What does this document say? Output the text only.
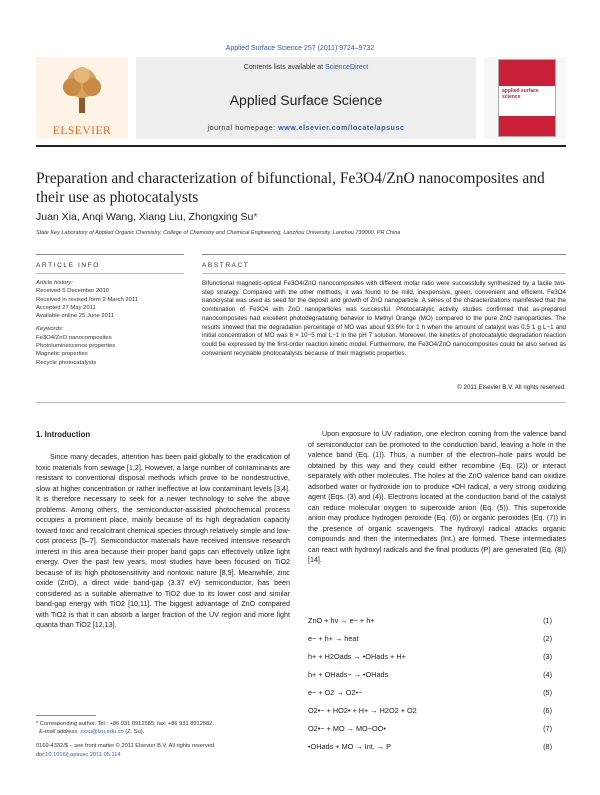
Applied Surface Science 257 (2011) 9724–9732
ELSEVIER
Contents lists available at ScienceDirect
Applied Surface Science
journal homepage: www.elsevier.com/locate/apsusc
applied surface science
Preparation and characterization of bifunctional, Fe3O4/ZnO nanocomposites and their use as photocatalysts
Juan Xia, Anqi Wang, Xiang Liu, Zhongxing Su*
State Key Laboratory of Applied Organic Chemistry, College of Chemistry and Chemical Engineering, Lanzhou University, Lanzhou 730000, PR China
ARTICLE INFO	ABSTRACT
Article history:
Received 5 December 2010
Received in revised form 2 March 2011
Accepted 27 May 2011
Available online 25 June 2011
Keywords:
Fe3O4/ZnO nanocomposites
Photoluminescence properties
Magnetic properties
Recycle photocatalysts
Bifunctional magnetic-optical Fe3O4/ZnO nanocomposites with different molar ratio were successfully synthesized by a facile two-step strategy. Compared with the other methods, it was found to be mild, inexpensive, green, convenient and efficient. Fe3O4 nanocrystal was used as seed for the deposit and growth of ZnO nanoparticle. A series of the characterizations manifested that the combination of Fe3O4 with ZnO nanoparticles was successful. Photocatalytic activity studies confirmed that as-prepared nanocomposites had excellent photodegradating behavior to Methyl Orange (MO) compared to the pure ZnO nanoparticles. The results showed that the degradation percentage of MO was about 93.6% for 1 h when the amount of catalyst was 0.5 1 g L−1 and initial concentration of MO was 6 × 10−5 mol L−1 in the pH 7 solution. Moreover, the kinetics of photocatalytic degradation reaction could be expressed by the first-order reaction kinetic model. Furthermore, the Fe3O4/ZnO nanocomposites could be also served as convenient recyclable photocatalysts because of their magnetic properties.
© 2011 Elsevier B.V. All rights reserved.
1. Introduction

Since many decades, attention has been paid globally to the eradication of toxic materials from sewage [1,2]. However, a large number of contaminants are resistant to conventional disposal methods which prove to be nondestructive, slow at higher concentration or rather ineffective at low contaminant levels [3,4]. It is therefore necessary to seek for a newer technology to solve the above problems. Among others, the semiconductor-assisted photochemical process occupies a prominent place, mainly because of its high degradation capacity toward toxic and recalcitrant chemical species through relatively simple and low-cost process [5–7]. Semiconductor materials have received intensive research interest in this area because their proper band gaps can effectively utilize light energy. Over the past few years, most studies have been focused on TiO2 because of its high photosensitivity and nontoxic nature [8,9]. Meanwhile, zinc oxide (ZnO), a direct wide band-gap (3.37 eV) semiconductor, has been considered as a suitable alternative to TiO2 due to its lower cost and similar band-gap energy with TiO2 [10,11]. The biggest advantage of ZnO compared with TiO2 is that it can absorb a larger fraction of the UV region and more light quanta than TiO2 [12,13].

Upon exposure to UV radiation, one electron coming from the valence band of semiconductor can be promoted to the conduction band, leaving a hole in the valence band (Eq. (1)). Thus, a number of the electron–hole pairs would be obtained by this way and they could either recombine (Eq. (2)) or interact separately with other molecules. The holes at the ZnO valence band can oxidize adsorbed water or hydroxide ion to produce •OH radical, a very strong oxidizing agent (Eqs. (3) and (4)). Electrons located at the conduction band of the catalyst can reduce molecular oxygen to superoxide anion (Eq. (5)). This superoxide anion may produce hydrogen peroxide (Eq. (6)) or organic peroxides (Eq. (7)) in the presence of organic scavengers. The hydroxyl radical attacks organic compounds and then the intermediates (Int.) are formed. These intermediates can react with hydroxyl radicals and the final products (P) are generated (Eq. (8)) [14].

ZnO + hν → e− + h+	(1)
e− + h+ → heat	(2)
h+ + H2Oads → •OHads + H+	(3)
h+ + OHads− → •OHads	(4)
e− + O2 → O2•−	(5)
O2•− + HO2• + H+ → H2O2 + O2	(6)
O2•− + MO → MO−OO•	(7)
•OHads + MO → Int. → P	(8)
* Corresponding author. Tel.: +86 931 8912585; fax: +86 931 8912582.
E-mail address: zxsu@lzu.edu.cn (Z. Su).
0169-4332/$ – see front matter © 2011 Elsevier B.V. All rights reserved.
doi:10.1016/j.apsusc.2011.05.114
